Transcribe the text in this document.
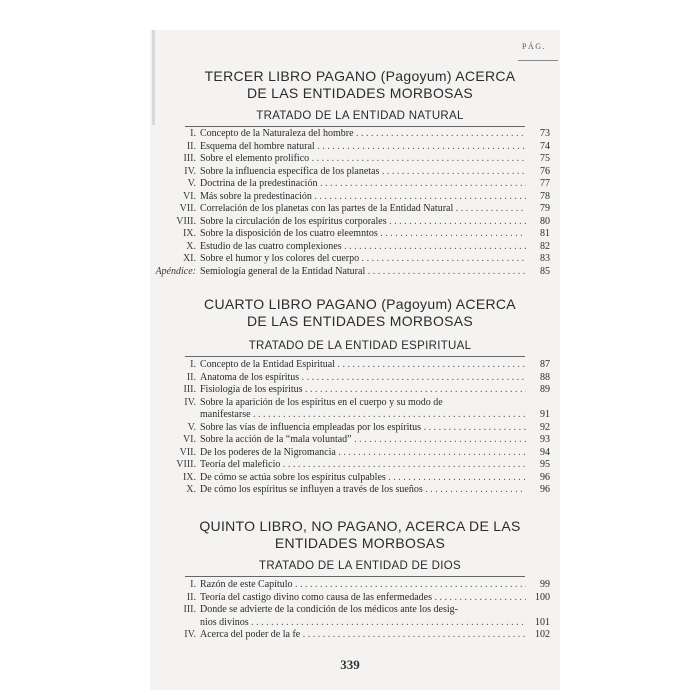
PÁG.
TERCER LIBRO PAGANO (Pagoyum) ACERCA
DE LAS ENTIDADES MORBOSAS
TRATADO DE LA ENTIDAD NATURAL
I. Concepto de la Naturaleza del hombre . . .	73
II. Esquema del hombre natural . . .	74
III. Sobre el elemento prolífico . . .	75
IV. Sobre la influencia específica de los planetas . . .	76
V. Doctrina de la predestinación . . .	77
VI. Más sobre la predestinación . . .	78
VII. Correlación de los planetas con las partes de la Entidad Natural . . .	79
VIII. Sobre la circulación de los espíritus corporales . . .	80
IX. Sobre la disposición de los cuatro eleemntos . . .	81
X. Estudio de las cuatro complexiones . . .	82
XI. Sobre el humor y los colores del cuerpo . . .	83
Apéndice: Semiología general de la Entidad Natural . . .	85
CUARTO LIBRO PAGANO (Pagoyum) ACERCA
DE LAS ENTIDADES MORBOSAS
TRATADO DE LA ENTIDAD ESPIRITUAL
I. Concepto de la Entidad Espiritual . . .	87
II. Anatoma de los espíritus . . .	88
III. Fisiología de los espíritus . . .	89
IV. Sobre la aparición de los espíritus en el cuerpo y su modo de
manifestarse . . .	91
V. Sobre las vías de influencia empleadas por los espíritus . . .	92
VI. Sobre la acción de la “mala voluntad” . . .	93
VII. De los poderes de la Nigromancia . . .	94
VIII. Teoría del maleficio . . .	95
IX. De cómo se actúa sobre los espíritus culpables . . .	96
X. De cómo los espíritus se influyen a través de los sueños . . .	96
QUINTO LIBRO, NO PAGANO, ACERCA DE LAS
ENTIDADES MORBOSAS
TRATADO DE LA ENTIDAD DE DIOS
I. Razón de este Capítulo . . .	99
II. Teoría del castigo divino como causa de las enfermedades . . .	100
III. Donde se advierte de la condición de los médicos ante los desig-
nios divinos . . .	101
IV. Acerca del poder de la fe . . .	102
339
